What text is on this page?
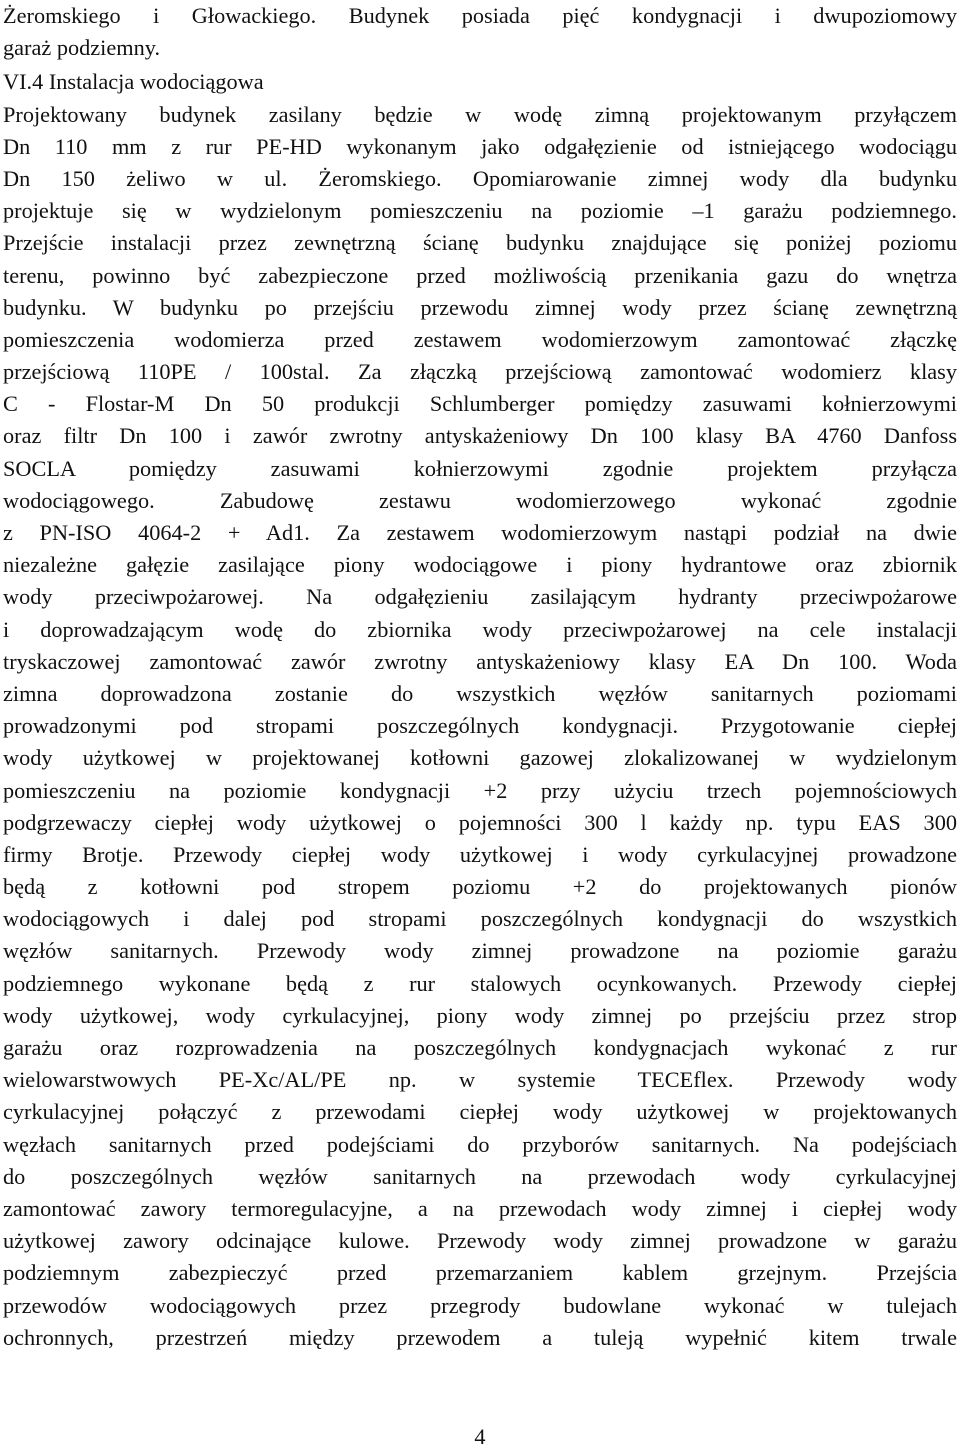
Żeromskiego i Głowackiego. Budynek posiada pięć kondygnacji i dwupoziomowy
garaż podziemny.
VI.4 Instalacja wodociągowa
Projektowany budynek zasilany będzie w wodę zimną projektowanym przyłączem
Dn 110 mm z rur PE-HD wykonanym jako odgałęzienie od istniejącego wodociągu
Dn 150 żeliwo w ul. Żeromskiego. Opomiarowanie zimnej wody dla budynku
projektuje się w wydzielonym pomieszczeniu na poziomie –1 garażu podziemnego.
Przejście instalacji przez zewnętrzną ścianę budynku znajdujące się poniżej poziomu
terenu, powinno być zabezpieczone przed możliwością przenikania gazu do wnętrza
budynku. W budynku po przejściu przewodu zimnej wody przez ścianę zewnętrzną
pomieszczenia wodomierza przed zestawem wodomierzowym zamontować złączkę
przejściową 110PE / 100stal. Za złączką przejściową zamontować wodomierz klasy
C - Flostar-M Dn 50 produkcji Schlumberger pomiędzy zasuwami kołnierzowymi
oraz filtr Dn 100 i zawór zwrotny antyskażeniowy Dn 100 klasy BA 4760 Danfoss
SOCLA pomiędzy zasuwami kołnierzowymi zgodnie projektem przyłącza
wodociągowego. Zabudowę zestawu wodomierzowego wykonać zgodnie
z PN-ISO 4064-2 + Ad1. Za zestawem wodomierzowym nastąpi podział na dwie
niezależne gałęzie zasilające piony wodociągowe i piony hydrantowe oraz zbiornik
wody przeciwpożarowej. Na odgałęzieniu zasilającym hydranty przeciwpożarowe
i doprowadzającym wodę do zbiornika wody przeciwpożarowej na cele instalacji
tryskaczowej zamontować zawór zwrotny antyskażeniowy klasy EA Dn 100. Woda
zimna doprowadzona zostanie do wszystkich węzłów sanitarnych poziomami
prowadzonymi pod stropami poszczególnych kondygnacji. Przygotowanie ciepłej
wody użytkowej w projektowanej kotłowni gazowej zlokalizowanej w wydzielonym
pomieszczeniu na poziomie kondygnacji +2 przy użyciu trzech pojemnościowych
podgrzewaczy ciepłej wody użytkowej o pojemności 300 l każdy np. typu EAS 300
firmy Brotje. Przewody ciepłej wody użytkowej i wody cyrkulacyjnej prowadzone
będą z kotłowni pod stropem poziomu +2 do projektowanych pionów
wodociągowych i dalej pod stropami poszczególnych kondygnacji do wszystkich
węzłów sanitarnych. Przewody wody zimnej prowadzone na poziomie garażu
podziemnego wykonane będą z rur stalowych ocynkowanych. Przewody ciepłej
wody użytkowej, wody cyrkulacyjnej, piony wody zimnej po przejściu przez strop
garażu oraz rozprowadzenia na poszczególnych kondygnacjach wykonać z rur
wielowarstwowych PE-Xc/AL/PE np. w systemie TECEflex. Przewody wody
cyrkulacyjnej połączyć z przewodami ciepłej wody użytkowej w projektowanych
węzłach sanitarnych przed podejściami do przyborów sanitarnych. Na podejściach
do poszczególnych węzłów sanitarnych na przewodach wody cyrkulacyjnej
zamontować zawory termoregulacyjne, a na przewodach wody zimnej i ciepłej wody
użytkowej zawory odcinające kulowe. Przewody wody zimnej prowadzone w garażu
podziemnym zabezpieczyć przed przemarzaniem kablem grzejnym. Przejścia
przewodów wodociągowych przez przegrody budowlane wykonać w tulejach
ochronnych, przestrzeń między przewodem a tuleją wypełnić kitem trwale
4
